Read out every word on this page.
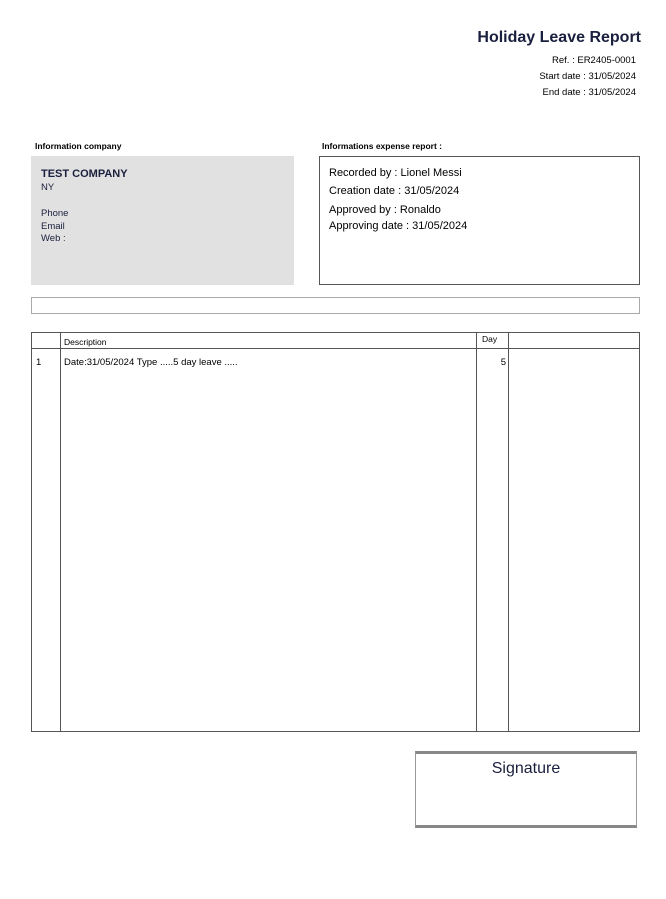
Holiday Leave Report
Ref. : ER2405-0001
Start date : 31/05/2024
End date : 31/05/2024
Information company	Informations expense report :
TEST COMPANY
NY
Phone
Email
Web :
Recorded by : Lionel Messi
Creation date : 31/05/2024
Approved by : Ronaldo
Approving date : 31/05/2024
Description	Day
1 Date:31/05/2024 Type .....5 day leave .....	5
Signature
